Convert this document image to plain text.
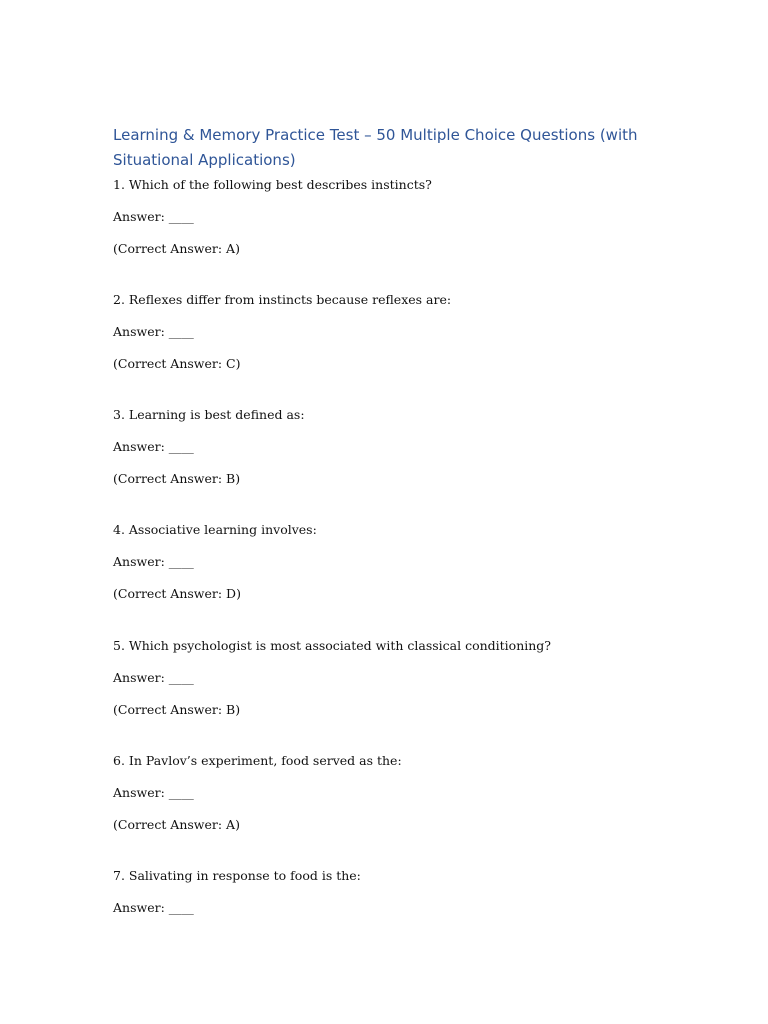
Learning & Memory Practice Test – 50 Multiple Choice Questions (with Situational Applications)
1. Which of the following best describes instincts?
Answer: ____
(Correct Answer: A)
2. Reflexes differ from instincts because reflexes are:
Answer: ____
(Correct Answer: C)
3. Learning is best defined as:
Answer: ____
(Correct Answer: B)
4. Associative learning involves:
Answer: ____
(Correct Answer: D)
5. Which psychologist is most associated with classical conditioning?
Answer: ____
(Correct Answer: B)
6. In Pavlov’s experiment, food served as the:
Answer: ____
(Correct Answer: A)
7. Salivating in response to food is the:
Answer: ____
